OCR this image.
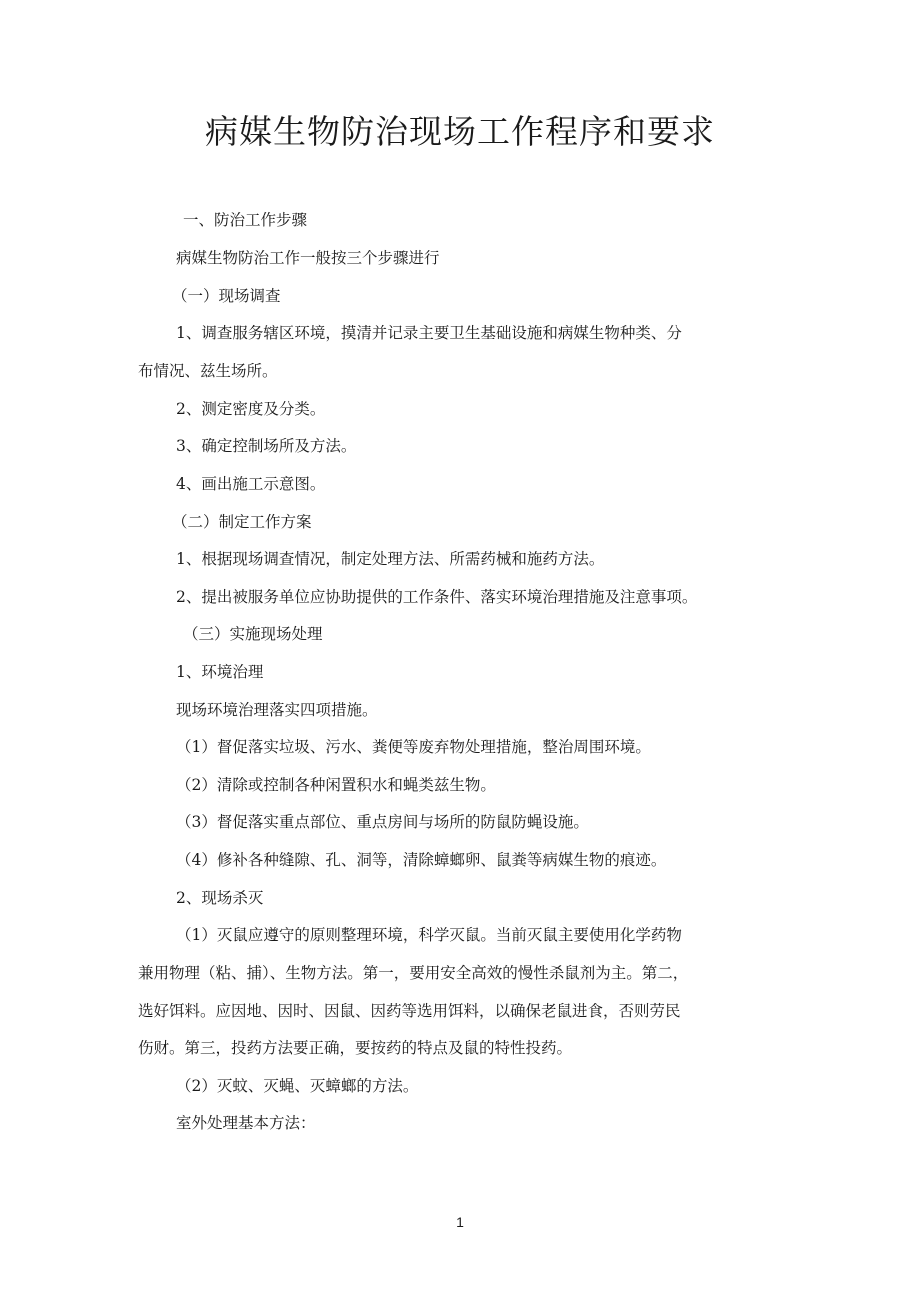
病媒生物防治现场工作程序和要求

一、防治工作步骤

病媒生物防治工作一般按三个步骤进行

（一）现场调查

1、调查服务辖区环境，摸清并记录主要卫生基础设施和病媒生物种类、分

布情况、兹生场所。

2、测定密度及分类。

3、确定控制场所及方法。

4、画出施工示意图。

（二）制定工作方案

1、根据现场调查情况，制定处理方法、所需药械和施药方法。

2、提出被服务单位应协助提供的工作条件、落实环境治理措施及注意事项。

（三）实施现场处理

1、环境治理

现场环境治理落实四项措施。

（1）督促落实垃圾、污水、粪便等废弃物处理措施，整治周围环境。

（2）清除或控制各种闲置积水和蝇类兹生物。

（3）督促落实重点部位、重点房间与场所的防鼠防蝇设施。

（4）修补各种缝隙、孔、洞等，清除蟑螂卵、鼠粪等病媒生物的痕迹。

2、现场杀灭

（1）灭鼠应遵守的原则整理环境，科学灭鼠。当前灭鼠主要使用化学药物

兼用物理（粘、捕）、生物方法。第一，要用安全高效的慢性杀鼠剂为主。第二，

选好饵料。应因地、因时、因鼠、因药等选用饵料，以确保老鼠进食，否则劳民

伤财。第三，投药方法要正确，要按药的特点及鼠的特性投药。

（2）灭蚊、灭蝇、灭蟑螂的方法。

室外处理基本方法：

1
